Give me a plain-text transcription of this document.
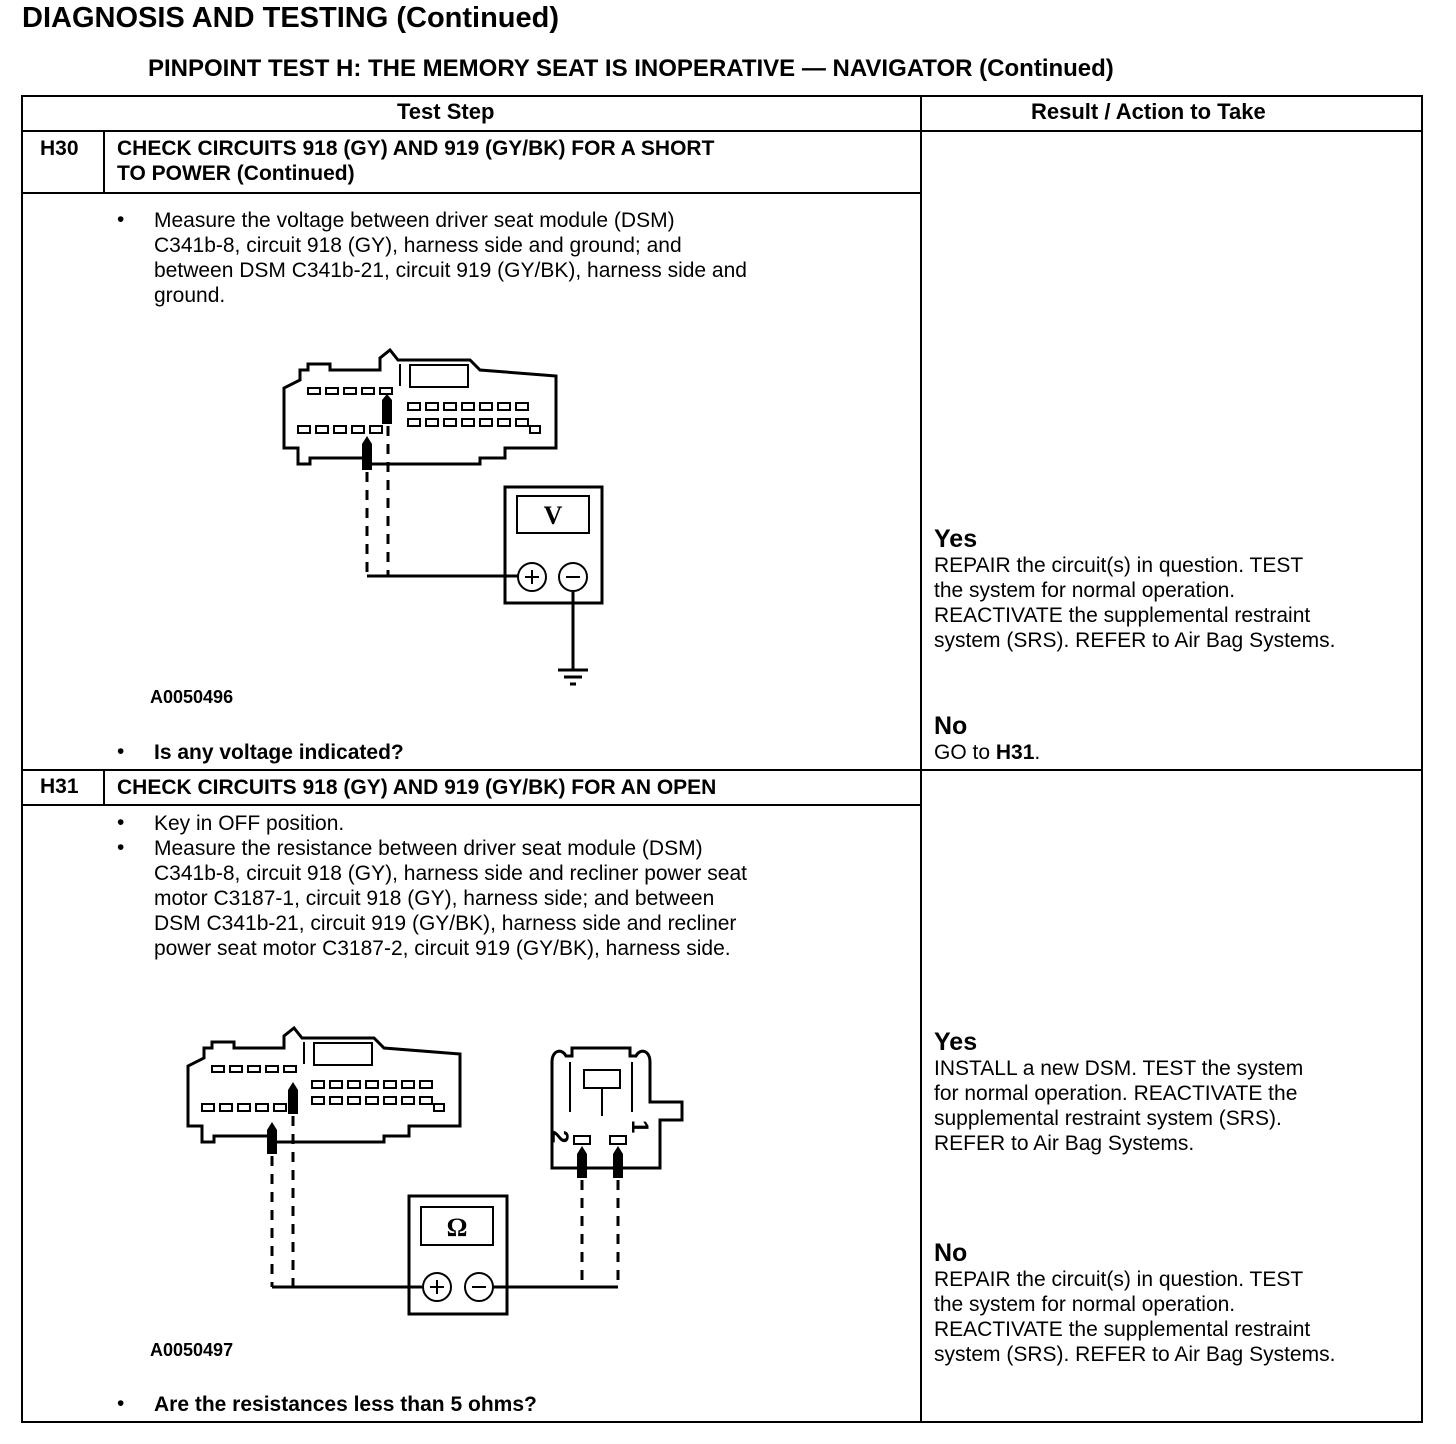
DIAGNOSIS AND TESTING (Continued)
PINPOINT TEST H: THE MEMORY SEAT IS INOPERATIVE — NAVIGATOR (Continued)
Test Step	Result / Action to Take
H30 CHECK CIRCUITS 918 (GY) AND 919 (GY/BK) FOR A SHORT
TO POWER (Continued)
• Measure the voltage between driver seat module (DSM)
C341b-8, circuit 918 (GY), harness side and ground; and
between DSM C341b-21, circuit 919 (GY/BK), harness side and
ground.
V
A0050496
• Is any voltage indicated?
Yes
REPAIR the circuit(s) in question. TEST
the system for normal operation.
REACTIVATE the supplemental restraint
system (SRS). REFER to Air Bag Systems.
No
GO to H31.
H31 CHECK CIRCUITS 918 (GY) AND 919 (GY/BK) FOR AN OPEN
• Key in OFF position.
• Measure the resistance between driver seat module (DSM)
C341b-8, circuit 918 (GY), harness side and recliner power seat
motor C3187-1, circuit 918 (GY), harness side; and between
DSM C341b-21, circuit 919 (GY/BK), harness side and recliner
power seat motor C3187-2, circuit 919 (GY/BK), harness side.
2
1
Ω
A0050497
• Are the resistances less than 5 ohms?
Yes
INSTALL a new DSM. TEST the system
for normal operation. REACTIVATE the
supplemental restraint system (SRS).
REFER to Air Bag Systems.
No
REPAIR the circuit(s) in question. TEST
the system for normal operation.
REACTIVATE the supplemental restraint
system (SRS). REFER to Air Bag Systems.
